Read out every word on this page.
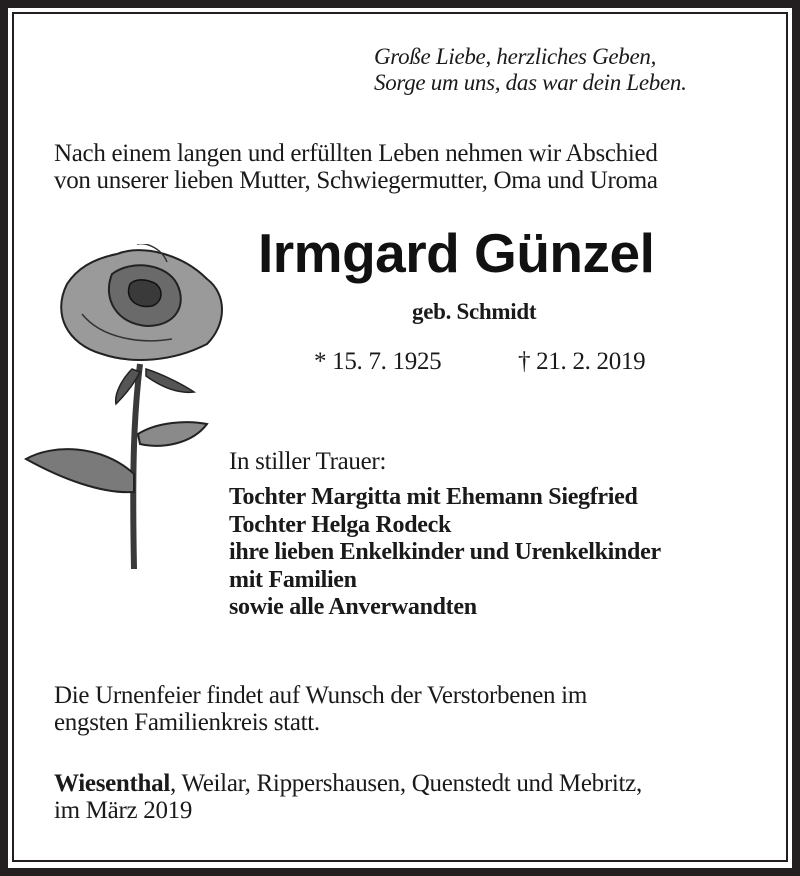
Große Liebe, herzliches Geben,
Sorge um uns, das war dein Leben.
Nach einem langen und erfüllten Leben nehmen wir Abschied
von unserer lieben Mutter, Schwiegermutter, Oma und Uroma
Irmgard Günzel
geb. Schmidt
* 15. 7. 1925	† 21. 2. 2019
In stiller Trauer:
Tochter Margitta mit Ehemann Siegfried
Tochter Helga Rodeck
ihre lieben Enkelkinder und Urenkelkinder
mit Familien
sowie alle Anverwandten
Die Urnenfeier findet auf Wunsch der Verstorbenen im
engsten Familienkreis statt.
Wiesenthal, Weilar, Rippershausen, Quenstedt und Mebritz,
im März 2019
